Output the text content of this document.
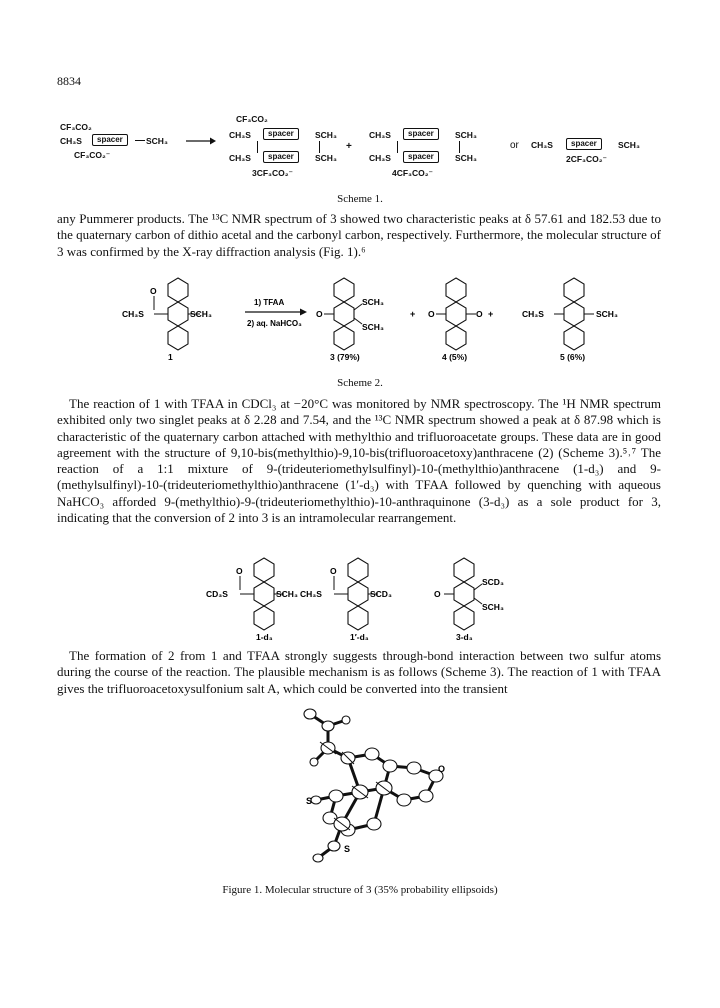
8834
CF₃CO₂
CH₃S	spacer	SCH₃
CF₃CO₂⁻
CF₃CO₂
CH₃S	spacer	SCH₃
CH₃S	spacer	SCH₃
3CF₃CO₂⁻
+
CH₃S	spacer	SCH₃
CH₃S	spacer	SCH₃
4CF₃CO₂⁻
or CH₃S	spacer	SCH₃
2CF₃CO₂⁻
Scheme 1.

any Pummerer products. The ¹³C NMR spectrum of 3 showed two characteristic peaks at δ 57.61 and 182.53 due to the quaternary carbon of dithio acetal and the carbonyl carbon, respectively. Furthermore, the molecular structure of 3 was confirmed by the X-ray diffraction analysis (Fig. 1).⁶

CH₃S
O
SCH₃
1
1) TFAA
2) aq. NaHCO₃
O
SCH₃
SCH₃
3 (79%)
+ O	O
4 (5%)
+	CH₃S	SCH₃
5 (6%)
Scheme 2.

The reaction of 1 with TFAA in CDCl₃ at −20°C was monitored by NMR spectroscopy. The ¹H NMR spectrum exhibited only two singlet peaks at δ 2.28 and 7.54, and the ¹³C NMR spectrum showed a peak at δ 87.98 which is characteristic of the quaternary carbon attached with methylthio and trifluoroacetate groups. These data are in good agreement with the structure of 9,10-bis(methylthio)-9,10-bis(trifluoroacetoxy)anthracene (2) (Scheme 3).⁵˒⁷ The reaction of a 1:1 mixture of 9-(trideuteriomethylsulfinyl)-10-(methylthio)anthracene (1-d₃) and 9-(methylsulfinyl)-10-(trideuteriomethylthio)anthracene (1′-d₃) with TFAA followed by quenching with aqueous NaHCO₃ afforded 9-(methylthio)-9-(trideuteriomethylthio)-10-anthraquinone (3-d₃) as a sole product for 3, indicating that the conversion of 2 into 3 is an intramolecular rearrangement.

CD₃S
O
SCH₃
1-d₃
CH₃S
O
SCD₃
1′-d₃
O
SCD₃
SCH₃
3-d₃

The formation of 2 from 1 and TFAA strongly suggests through-bond interaction between two sulfur atoms during the course of the reaction. The plausible mechanism is as follows (Scheme 3). The reaction of 1 with TFAA gives the trifluoroacetoxysulfonium salt A, which could be converted into the transient

S
O
S
Figure 1. Molecular structure of 3 (35% probability ellipsoids)
